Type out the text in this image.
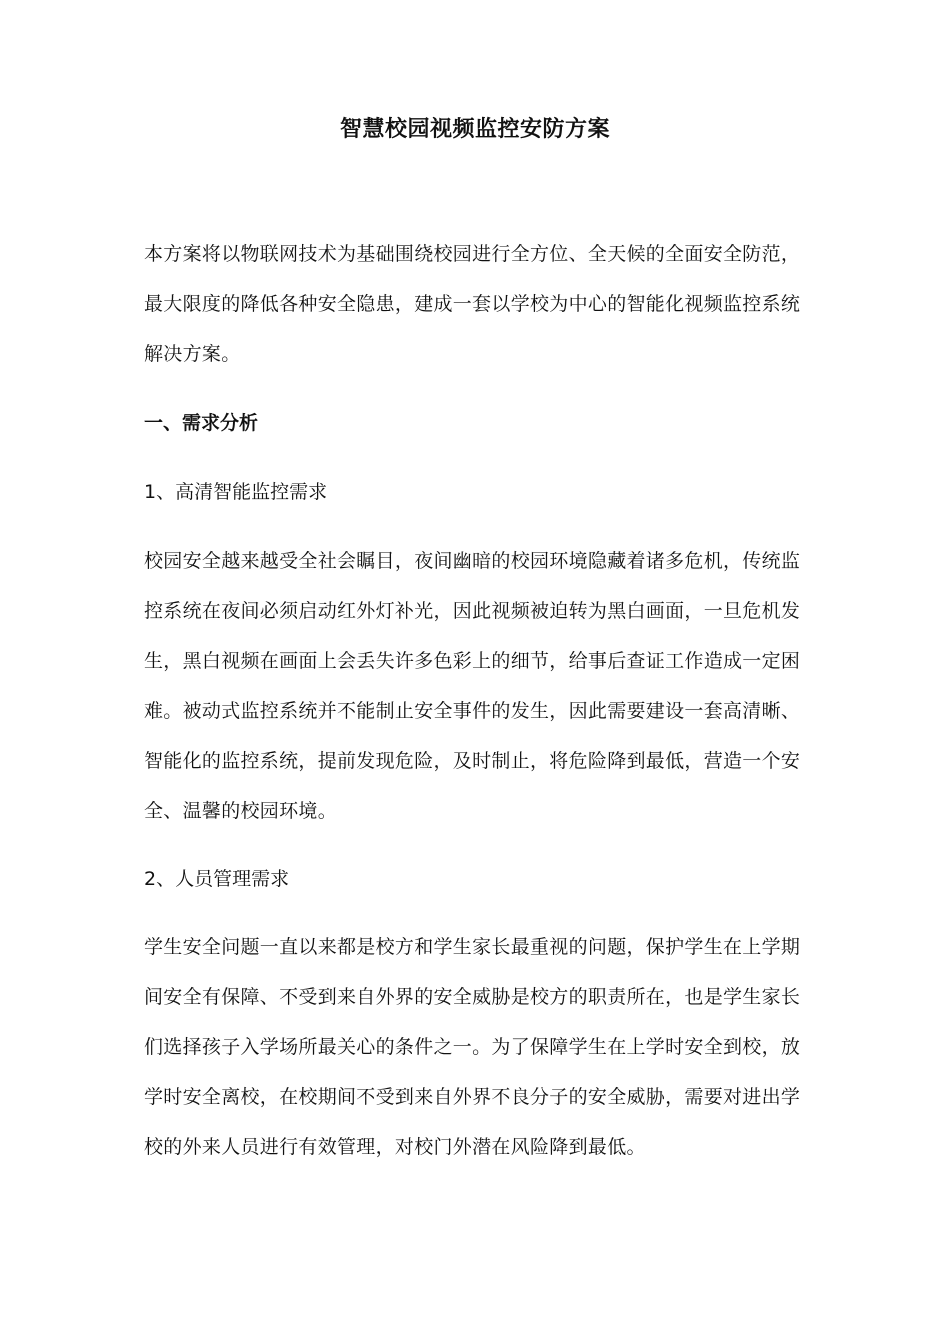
智慧校园视频监控安防方案
本方案将以物联网技术为基础围绕校园进行全方位、全天候的全面安全防范，最大限度的降低各种安全隐患，建成一套以学校为中心的智能化视频监控系统解决方案。
一、需求分析
1、高清智能监控需求
校园安全越来越受全社会瞩目，夜间幽暗的校园环境隐藏着诸多危机，传统监控系统在夜间必须启动红外灯补光，因此视频被迫转为黑白画面，一旦危机发生，黑白视频在画面上会丢失许多色彩上的细节，给事后查证工作造成一定困难。被动式监控系统并不能制止安全事件的发生，因此需要建设一套高清晰、智能化的监控系统，提前发现危险，及时制止，将危险降到最低，营造一个安全、温馨的校园环境。
2、人员管理需求
学生安全问题一直以来都是校方和学生家长最重视的问题，保护学生在上学期间安全有保障、不受到来自外界的安全威胁是校方的职责所在，也是学生家长们选择孩子入学场所最关心的条件之一。为了保障学生在上学时安全到校，放学时安全离校，在校期间不受到来自外界不良分子的安全威胁，需要对进出学校的外来人员进行有效管理，对校门外潜在风险降到最低。
